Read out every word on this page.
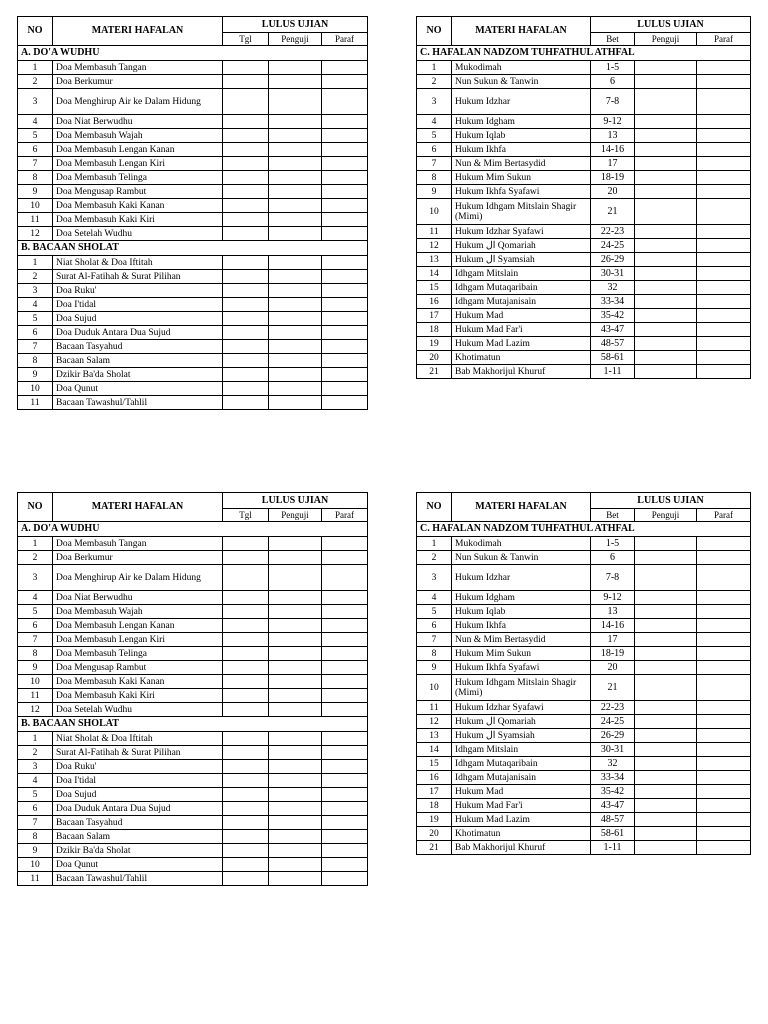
NO	MATERI HAFALAN	LULUS UJIAN		
		Tgl	Penguji	Paraf
A. DO'A WUDHU				
1	Doa Membasuh Tangan			
2	Doa Berkumur			
3	Doa Menghirup Air ke Dalam Hidung			
4	Doa Niat Berwudhu			
5	Doa Membasuh Wajah			
6	Doa Membasuh Lengan Kanan			
7	Doa Membasuh Lengan Kiri			
8	Doa Membasuh Telinga			
9	Doa Mengusap Rambut			
10	Doa Membasuh Kaki Kanan			
11	Doa Membasuh Kaki Kiri			
12	Doa Setelah Wudhu			
B. BACAAN SHOLAT				
1	Niat Sholat & Doa Iftitah			
2	Surat Al-Fatihah & Surat Pilihan			
3	Doa Ruku'			
4	Doa I'tidal			
5	Doa Sujud			
6	Doa Duduk Antara Dua Sujud			
7	Bacaan Tasyahud			
8	Bacaan Salam			
9	Dzikir Ba'da Sholat			
10	Doa Qunut			
11	Bacaan Tawashul/Tahlil			
NO	MATERI HAFALAN	LULUS UJIAN		
		Tgl	Penguji	Paraf
A. DO'A WUDHU				
1	Doa Membasuh Tangan			
2	Doa Berkumur			
3	Doa Menghirup Air ke Dalam Hidung			
4	Doa Niat Berwudhu			
5	Doa Membasuh Wajah			
6	Doa Membasuh Lengan Kanan			
7	Doa Membasuh Lengan Kiri			
8	Doa Membasuh Telinga			
9	Doa Mengusap Rambut			
10	Doa Membasuh Kaki Kanan			
11	Doa Membasuh Kaki Kiri			
12	Doa Setelah Wudhu			
B. BACAAN SHOLAT				
1	Niat Sholat & Doa Iftitah			
2	Surat Al-Fatihah & Surat Pilihan			
3	Doa Ruku'			
4	Doa I'tidal			
5	Doa Sujud			
6	Doa Duduk Antara Dua Sujud			
7	Bacaan Tasyahud			
8	Bacaan Salam			
9	Dzikir Ba'da Sholat			
10	Doa Qunut			
11	Bacaan Tawashul/Tahlil			
NO	MATERI HAFALAN	LULUS UJIAN		
		Bet	Penguji	Paraf
C. HAFALAN NADZOM TUHFATHUL ATHFAL				
1	Mukodimah	1-5		
2	Nun Sukun & Tanwin	6		
3	Hukum Idzhar	7-8		
4	Hukum Idgham	9-12		
5	Hukum Iqlab	13		
6	Hukum Ikhfa	14-16		
7	Nun & Mim Bertasydid	17		
8	Hukum Mim Sukun	18-19		
9	Hukum Ikhfa Syafawi	20		
10	Hukum Idhgam Mitslain Shagir (Mimi)	21		
11	Hukum Idzhar Syafawi	22-23		
12	Hukum ال Qomariah	24-25		
13	Hukum ال Syamsiah	26-29		
14	Idhgam Mitslain	30-31		
15	Idhgam Mutaqaribain	32		
16	Idhgam Mutajanisain	33-34		
17	Hukum Mad	35-42		
18	Hukum Mad Far'i	43-47		
19	Hukum Mad Lazim	48-57		
20	Khotimatun	58-61		
21	Bab Makhorijul Khuruf	1-11		
NO	MATERI HAFALAN	LULUS UJIAN		
		Bet	Penguji	Paraf
C. HAFALAN NADZOM TUHFATHUL ATHFAL				
1	Mukodimah	1-5		
2	Nun Sukun & Tanwin	6		
3	Hukum Idzhar	7-8		
4	Hukum Idgham	9-12		
5	Hukum Iqlab	13		
6	Hukum Ikhfa	14-16		
7	Nun & Mim Bertasydid	17		
8	Hukum Mim Sukun	18-19		
9	Hukum Ikhfa Syafawi	20		
10	Hukum Idhgam Mitslain Shagir (Mimi)	21		
11	Hukum Idzhar Syafawi	22-23		
12	Hukum ال Qomariah	24-25		
13	Hukum ال Syamsiah	26-29		
14	Idhgam Mitslain	30-31		
15	Idhgam Mutaqaribain	32		
16	Idhgam Mutajanisain	33-34		
17	Hukum Mad	35-42		
18	Hukum Mad Far'i	43-47		
19	Hukum Mad Lazim	48-57		
20	Khotimatun	58-61		
21	Bab Makhorijul Khuruf	1-11		
